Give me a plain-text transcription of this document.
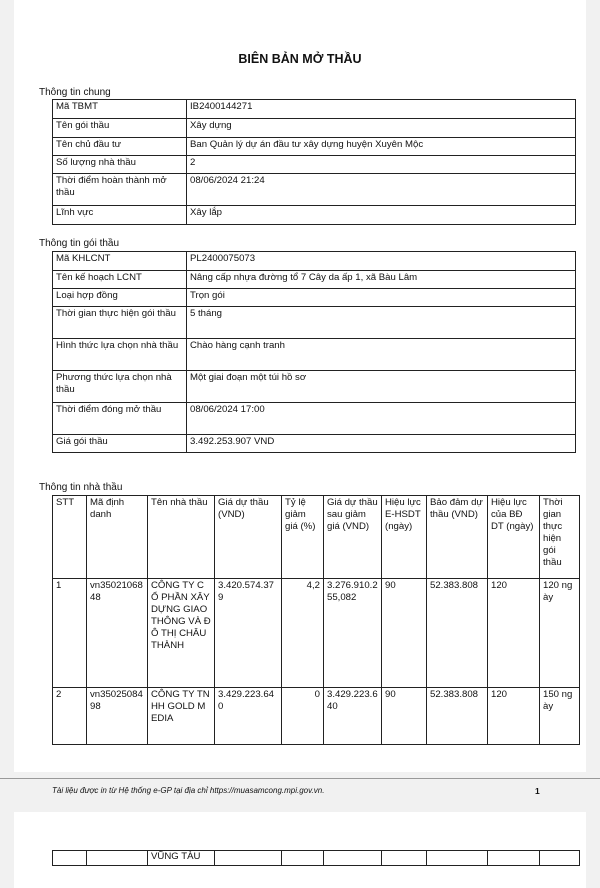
BIÊN BẢN MỞ THẦU
Thông tin chung
Mã TBMT	IB2400144271
Tên gói thầu	Xây dựng
Tên chủ đầu tư	Ban Quản lý dự án đầu tư xây dựng huyện Xuyên Mộc
Số lượng nhà thầu	2
Thời điểm hoàn thành mở thầu	08/06/2024 21:24
Lĩnh vực	Xây lắp
Thông tin gói thầu
Mã KHLCNT	PL2400075073
Tên kế hoạch LCNT	Nâng cấp nhựa đường tổ 7 Cây da ấp 1, xã Bàu Lâm
Loại hợp đồng	Trọn gói
Thời gian thực hiện gói thầu	5 tháng
Hình thức lựa chọn nhà thầu	Chào hàng cạnh tranh
Phương thức lựa chọn nhà thầu	Một giai đoạn một túi hồ sơ
Thời điểm đóng mở thầu	08/06/2024 17:00
Giá gói thầu	3.492.253.907 VND
Thông tin nhà thầu
STT	Mã định danh	Tên nhà thầu	Giá dự thầu (VND)	Tỷ lệ giảm giá (%)	Giá dự thầu sau giảm giá (VND)	Hiệu lực E-HSDT (ngày)	Bảo đảm dự thầu (VND)	Hiệu lực của BĐ DT (ngày)	Thời gian thực hiện gói thầu
1	vn3502106848	CÔNG TY CỔ PHẦN XÂY DỰNG GIAO THÔNG VÀ ĐÔ THỊ CHÂU THÀNH	3.420.574.379	4,2	3.276.910.255,082	90	52.383.808	120	120 ngày
2	vn3502508498	CÔNG TY TNHH GOLD MEDIA	3.429.223.640	0	3.429.223.640	90	52.383.808	120	150 ngày
Tài liệu được in từ Hệ thống e-GP tại địa chỉ https://muasamcong.mpi.gov.vn.	1
		VŨNG TÀU							
